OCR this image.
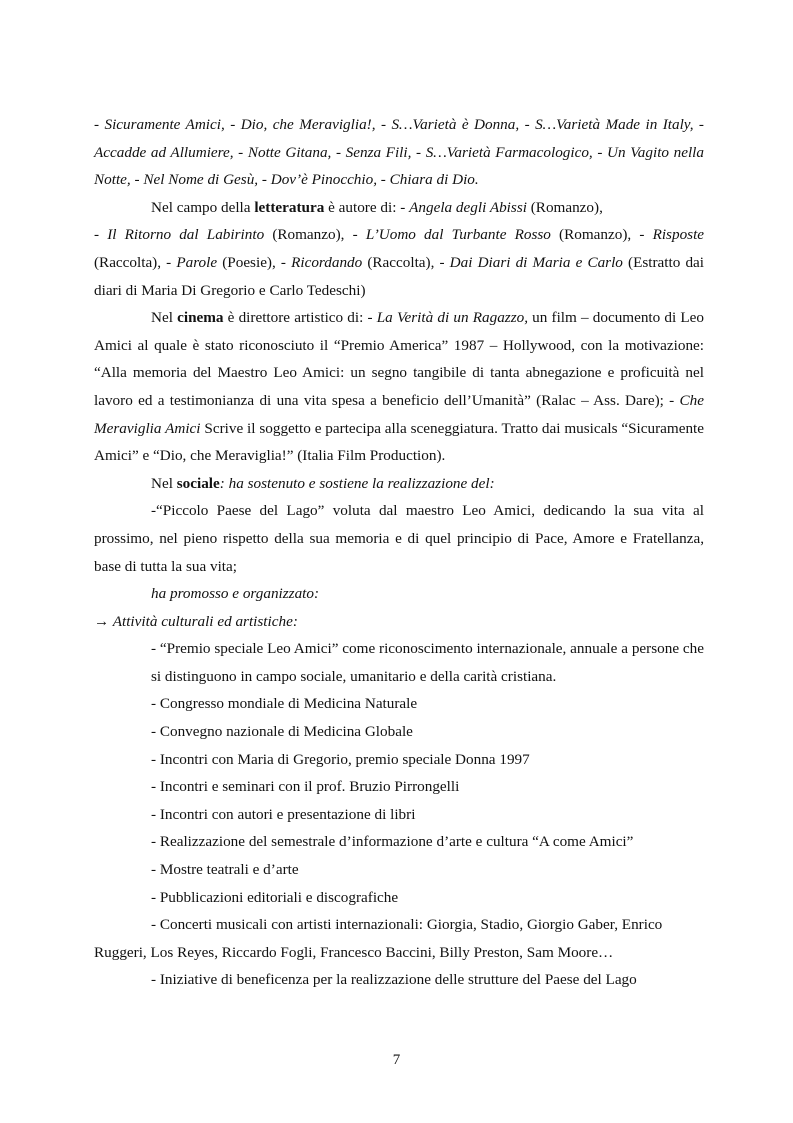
- Sicuramente Amici, - Dio, che Meraviglia!, - S…Varietà è Donna, - S…Varietà Made in Italy, - Accadde ad Allumiere, - Notte Gitana, - Senza Fili, - S…Varietà Farmacologico, - Un Vagito nella Notte, - Nel Nome di Gesù, - Dov’è Pinocchio, - Chiara di Dio.

Nel campo della letteratura è autore di: - Angela degli Abissi (Romanzo),

- Il Ritorno dal Labirinto (Romanzo), - L’Uomo dal Turbante Rosso (Romanzo), - Risposte (Raccolta), - Parole (Poesie), - Ricordando (Raccolta), - Dai Diari di Maria e Carlo (Estratto dai diari di Maria Di Gregorio e Carlo Tedeschi)

Nel cinema è direttore artistico di: - La Verità di un Ragazzo, un film – documento di Leo Amici al quale è stato riconosciuto il “Premio America” 1987 – Hollywood, con la motivazione: “Alla memoria del Maestro Leo Amici: un segno tangibile di tanta abnegazione e proficuità nel lavoro ed a testimonianza di una vita spesa a beneficio dell’Umanità” (Ralac – Ass. Dare); - Che Meraviglia Amici Scrive il soggetto e partecipa alla sceneggiatura. Tratto dai musicals “Sicuramente Amici” e “Dio, che Meraviglia!” (Italia Film Production).

Nel sociale: ha sostenuto e sostiene la realizzazione del:

-“Piccolo Paese del Lago” voluta dal maestro Leo Amici, dedicando la sua vita al prossimo, nel pieno rispetto della sua memoria e di quel principio di Pace, Amore e Fratellanza, base di tutta la sua vita;

ha promosso e organizzato:

→ Attività culturali ed artistiche:

- “Premio speciale Leo Amici” come riconoscimento internazionale, annuale a persone che si distinguono in campo sociale, umanitario e della carità cristiana.

- Congresso mondiale di Medicina Naturale

- Convegno nazionale di Medicina Globale

- Incontri con Maria di Gregorio, premio speciale Donna 1997

- Incontri e seminari con il prof. Bruzio Pirrongelli

- Incontri con autori e presentazione di libri

- Realizzazione del semestrale d’informazione d’arte e cultura “A come Amici”

- Mostre teatrali e d’arte

- Pubblicazioni editoriali e discografiche

- Concerti musicali con artisti internazionali: Giorgia, Stadio, Giorgio Gaber, Enrico

Ruggeri, Los Reyes, Riccardo Fogli, Francesco Baccini, Billy Preston, Sam Moore…

- Iniziative di beneficenza per la realizzazione delle strutture del Paese del Lago

7
